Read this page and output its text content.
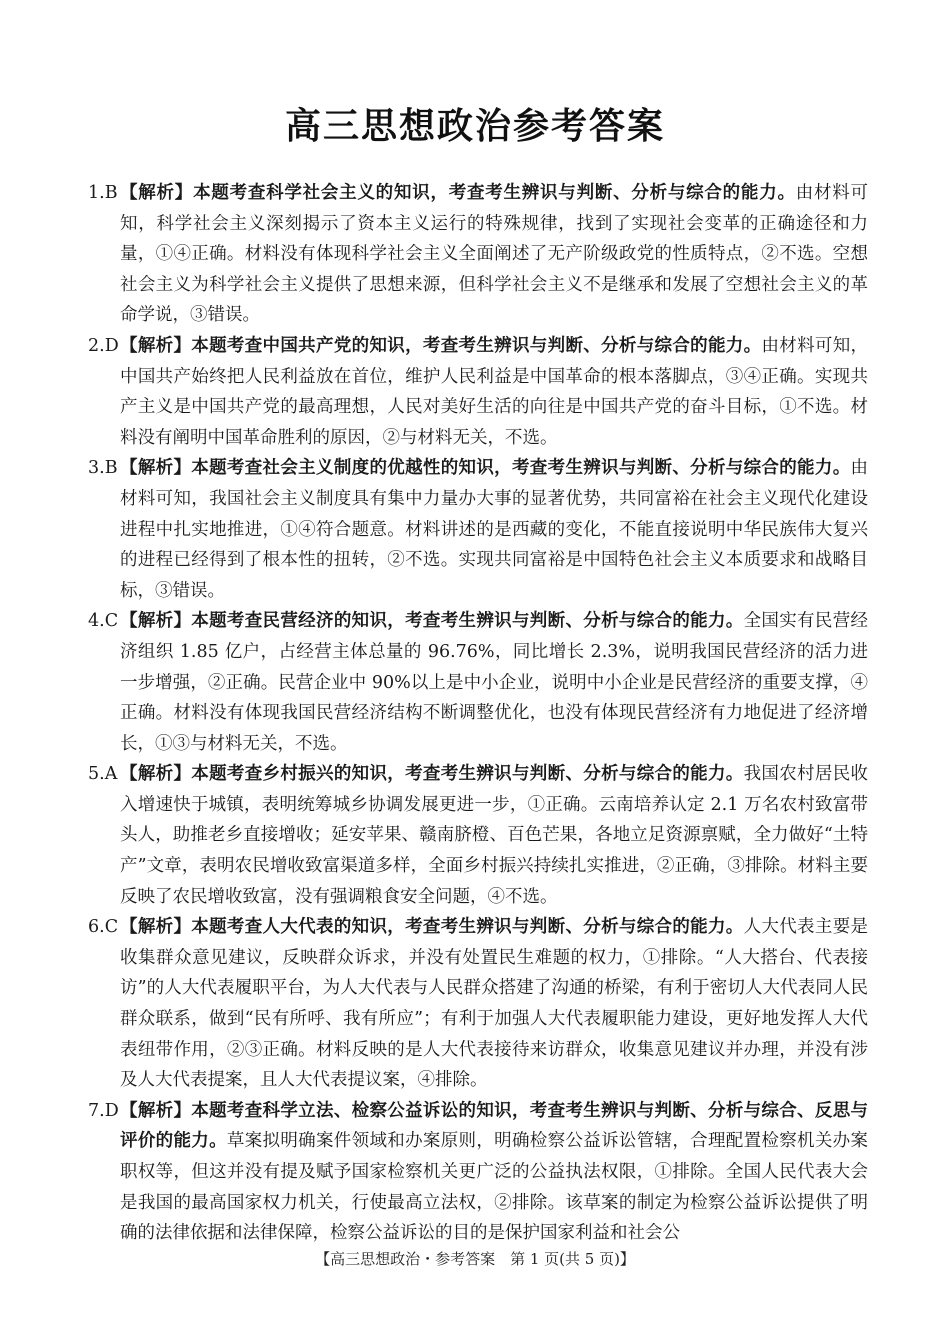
高三思想政治参考答案
1.B 【解析】本题考查科学社会主义的知识，考查考生辨识与判断、分析与综合的能力。由材料可知，科学社会主义深刻揭示了资本主义运行的特殊规律，找到了实现社会变革的正确途径和力量，①④正确。材料没有体现科学社会主义全面阐述了无产阶级政党的性质特点，②不选。空想社会主义为科学社会主义提供了思想来源，但科学社会主义不是继承和发展了空想社会主义的革命学说，③错误。
2.D 【解析】本题考查中国共产党的知识，考查考生辨识与判断、分析与综合的能力。由材料可知，中国共产始终把人民利益放在首位，维护人民利益是中国革命的根本落脚点，③④正确。实现共产主义是中国共产党的最高理想，人民对美好生活的向往是中国共产党的奋斗目标，①不选。材料没有阐明中国革命胜利的原因，②与材料无关，不选。
3.B 【解析】本题考查社会主义制度的优越性的知识，考查考生辨识与判断、分析与综合的能力。由材料可知，我国社会主义制度具有集中力量办大事的显著优势，共同富裕在社会主义现代化建设进程中扎实地推进，①④符合题意。材料讲述的是西藏的变化，不能直接说明中华民族伟大复兴的进程已经得到了根本性的扭转，②不选。实现共同富裕是中国特色社会主义本质要求和战略目标，③错误。
4.C 【解析】本题考查民营经济的知识，考查考生辨识与判断、分析与综合的能力。全国实有民营经济组织 1.85 亿户，占经营主体总量的 96.76%，同比增长 2.3%，说明我国民营经济的活力进一步增强，②正确。民营企业中 90%以上是中小企业，说明中小企业是民营经济的重要支撑，④正确。材料没有体现我国民营经济结构不断调整优化，也没有体现民营经济有力地促进了经济增长，①③与材料无关，不选。
5.A 【解析】本题考查乡村振兴的知识，考查考生辨识与判断、分析与综合的能力。我国农村居民收入增速快于城镇，表明统筹城乡协调发展更进一步，①正确。云南培养认定 2.1 万名农村致富带头人，助推老乡直接增收；延安苹果、赣南脐橙、百色芒果，各地立足资源禀赋，全力做好“土特产”文章，表明农民增收致富渠道多样，全面乡村振兴持续扎实推进，②正确，③排除。材料主要反映了农民增收致富，没有强调粮食安全问题，④不选。
6.C 【解析】本题考查人大代表的知识，考查考生辨识与判断、分析与综合的能力。人大代表主要是收集群众意见建议，反映群众诉求，并没有处置民生难题的权力，①排除。“人大搭台、代表接访”的人大代表履职平台，为人大代表与人民群众搭建了沟通的桥梁，有利于密切人大代表同人民群众联系，做到“民有所呼、我有所应”；有利于加强人大代表履职能力建设，更好地发挥人大代表纽带作用，②③正确。材料反映的是人大代表接待来访群众，收集意见建议并办理，并没有涉及人大代表提案，且人大代表提议案，④排除。
7.D 【解析】本题考查科学立法、检察公益诉讼的知识，考查考生辨识与判断、分析与综合、反思与评价的能力。草案拟明确案件领域和办案原则，明确检察公益诉讼管辖，合理配置检察机关办案职权等，但这并没有提及赋予国家检察机关更广泛的公益执法权限，①排除。全国人民代表大会是我国的最高国家权力机关，行使最高立法权，②排除。该草案的制定为检察公益诉讼提供了明确的法律依据和法律保障，检察公益诉讼的目的是保护国家利益和社会公
【高三思想政治・参考答案　第 1 页(共 5 页)】
